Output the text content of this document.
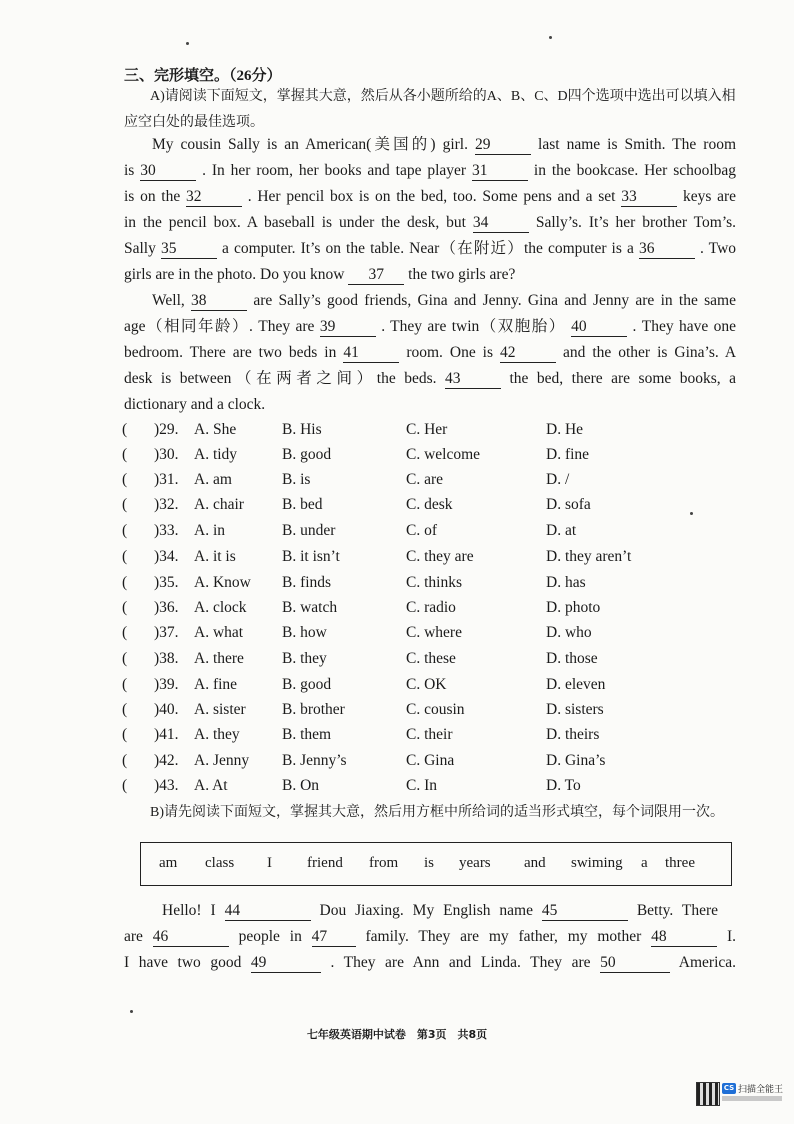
三、完形填空。（26分）
A)请阅读下面短文，掌握其大意，然后从各小题所给的A、B、C、D四个选项中选出可以填入相应空白处的最佳选项。
My cousin Sally is an American(美国的) girl. 29	last name is Smith. The room
is 30	. In her room, her books and tape player 31	in the bookcase. Her schoolbag
is on the 32	. Her pencil box is on the bed, too. Some pens and a set 33	keys are
in the pencil box. A baseball is under the desk, but 34	Sally’s. It’s her brother Tom’s.
Sally 35	a computer. It’s on the table. Near（在附近）the computer is a 36	. Two
girls are in the photo. Do you know 37 the two girls are?
Well, 38	are Sally’s good friends, Gina and Jenny. Gina and Jenny are in the same
age（相同年龄）. They are 39	. They are twin（双胞胎） 40	. They have one
bedroom. There are two beds in 41	room. One is 42	and the other is Gina’s. A
desk is between（在两者之间）the beds. 43	the bed, there are some books, a
dictionary and a clock.
( )29. A. She	B. His	C. Her	D. He
( )30. A. tidy	B. good	C. welcome	D. fine
( )31. A. am	B. is	C. are	D. /
( )32. A. chair B. bed	C. desk	D. sofa
( )33. A. in	B. under	C. of	D. at
( )34. A. it is	B. it isn’t	C. they are	D. they aren’t
( )35. A. Know B. finds	C. thinks	D. has
( )36. A. clock B. watch	C. radio	D. photo
( )37. A. what	B. how	C. where	D. who
( )38. A. there B. they	C. these	D. those
( )39. A. fine	B. good	C. OK	D. eleven
( )40. A. sister B. brother	C. cousin	D. sisters
( )41. A. they	B. them	C. their	D. theirs
( )42. A. Jenny B. Jenny’s	C. Gina	D. Gina’s
( )43. A. At	B. On	C. In	D. To
B)请先阅读下面短文，掌握其大意，然后用方框中所给词的适当形式填空，每个词限用一次。
am class I friend from is years and swiming a three
Hello! I 44	Dou Jiaxing. My English name 45	Betty. There
are 46	people in 47 family. They are my father, my mother 48	I.
I have two good 49	. They are Ann and Linda. They are 50	America.
七年级英语期中试卷　第3页　共8页
CS 扫描全能王
